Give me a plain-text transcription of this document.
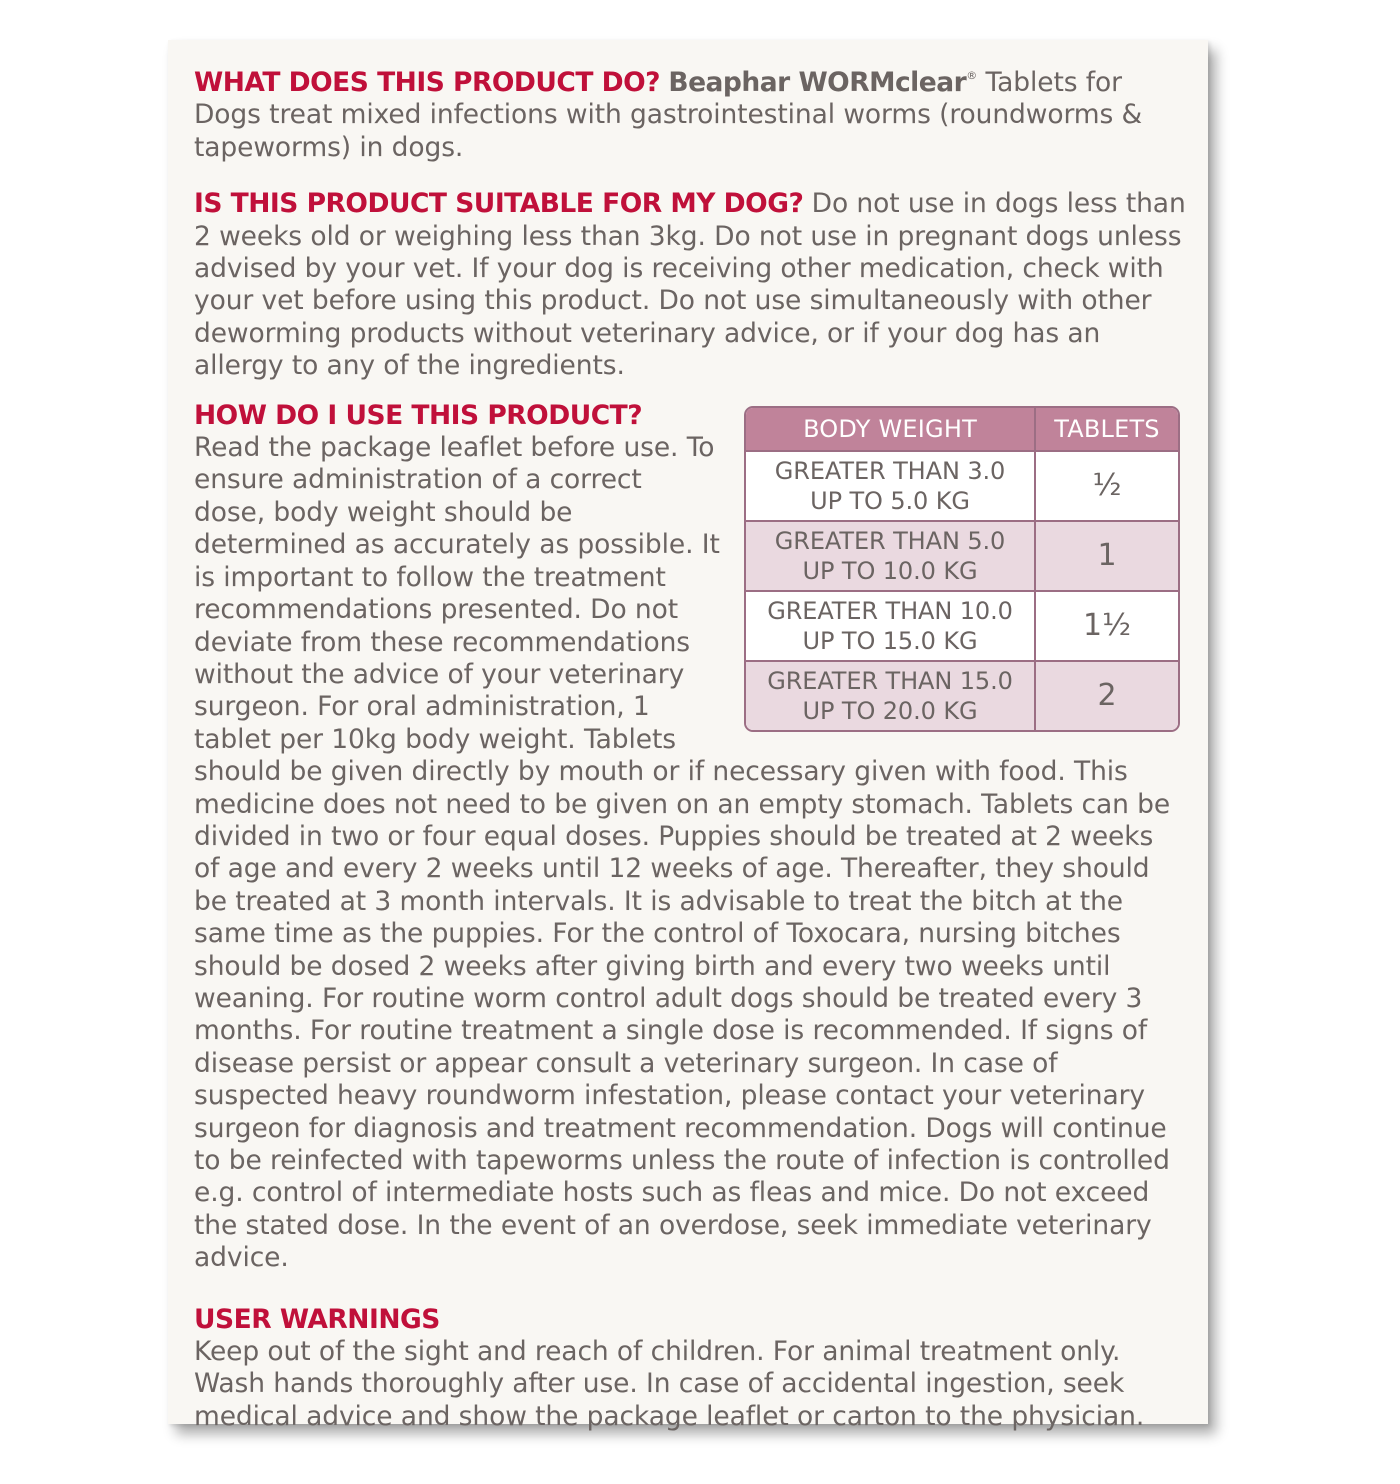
WHAT DOES THIS PRODUCT DO? Beaphar WORMclear® Tablets for Dogs treat mixed infections with gastrointestinal worms (roundworms & tapeworms) in dogs.

IS THIS PRODUCT SUITABLE FOR MY DOG? Do not use in dogs less than 2 weeks old or weighing less than 3kg. Do not use in pregnant dogs unless advised by your vet. If your dog is receiving other medication, check with your vet before using this product. Do not use simultaneously with other deworming products without veterinary advice, or if your dog has an allergy to any of the ingredients.

BODY WEIGHT	TABLETS
GREATER THAN 3.0
UP TO 5.0 KG	½
GREATER THAN 5.0
UP TO 10.0 KG	1
GREATER THAN 10.0
UP TO 15.0 KG	1½
GREATER THAN 15.0
UP TO 20.0 KG	2

HOW DO I USE THIS PRODUCT?

Read the package leaflet before use. To ensure administration of a correct dose, body weight should be determined as accurately as possible. It is important to follow the treatment recommendations presented. Do not deviate from these recommendations without the advice of your veterinary surgeon. For oral administration, 1 tablet per 10kg body weight. Tablets should be given directly by mouth or if necessary given with food. This medicine does not need to be given on an empty stomach. Tablets can be divided in two or four equal doses. Puppies should be treated at 2 weeks of age and every 2 weeks until 12 weeks of age. Thereafter, they should be treated at 3 month intervals. It is advisable to treat the bitch at the same time as the puppies. For the control of Toxocara, nursing bitches should be dosed 2 weeks after giving birth and every two weeks until weaning. For routine worm control adult dogs should be treated every 3 months. For routine treatment a single dose is recommended. If signs of disease persist or appear consult a veterinary surgeon. In case of suspected heavy roundworm infestation, please contact your veterinary surgeon for diagnosis and treatment recommendation. Dogs will continue to be reinfected with tapeworms unless the route of infection is controlled e.g. control of intermediate hosts such as fleas and mice. Do not exceed the stated dose. In the event of an overdose, seek immediate veterinary advice.

USER WARNINGS

Keep out of the sight and reach of children. For animal treatment only. Wash hands thoroughly after use. In case of accidental ingestion, seek medical advice and show the package leaflet or carton to the physician.
